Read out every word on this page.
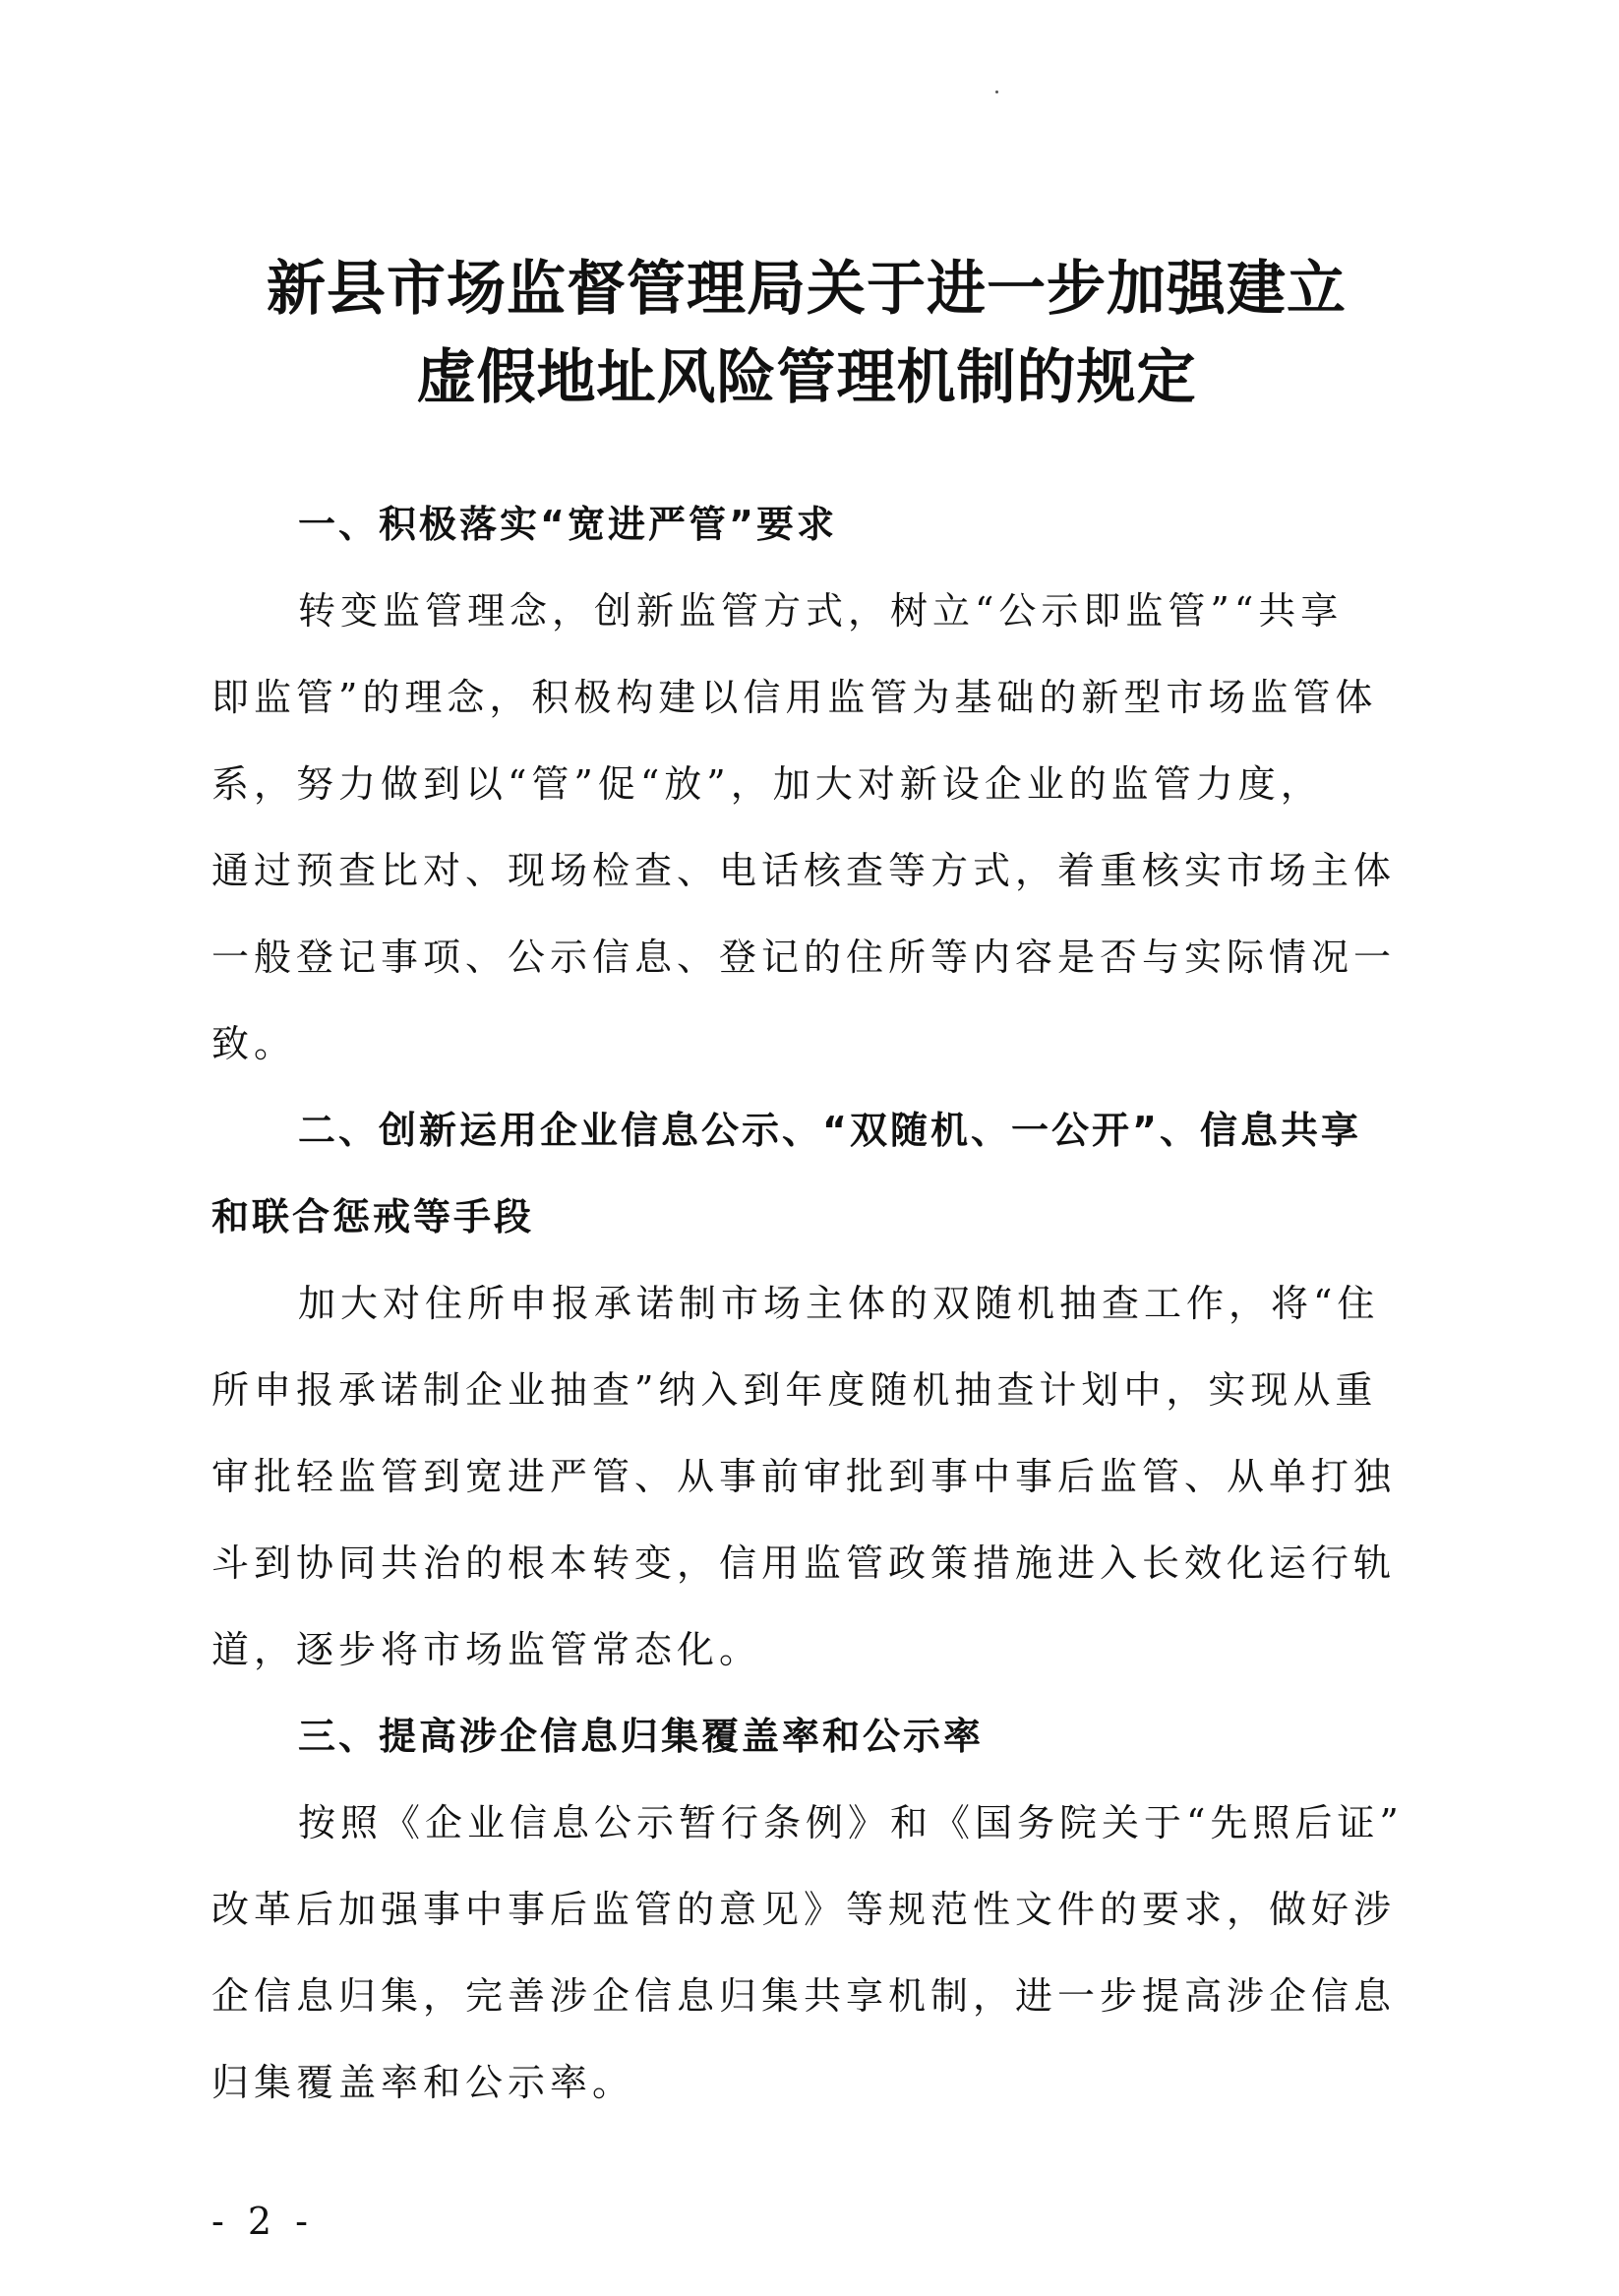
新县市场监督管理局关于进一步加强建立
虚假地址风险管理机制的规定
一、积极落实“宽进严管”要求
转变监管理念，创新监管方式，树立“公示即监管”“共享
即监管”的理念，积极构建以信用监管为基础的新型市场监管体
系，努力做到以“管”促“放”，加大对新设企业的监管力度，
通过预查比对、现场检查、电话核查等方式，着重核实市场主体
一般登记事项、公示信息、登记的住所等内容是否与实际情况一
致。
二、创新运用企业信息公示、“双随机、一公开”、信息共享
和联合惩戒等手段
加大对住所申报承诺制市场主体的双随机抽查工作，将“住
所申报承诺制企业抽查”纳入到年度随机抽查计划中，实现从重
审批轻监管到宽进严管、从事前审批到事中事后监管、从单打独
斗到协同共治的根本转变，信用监管政策措施进入长效化运行轨
道，逐步将市场监管常态化。
三、提高涉企信息归集覆盖率和公示率
按照《企业信息公示暂行条例》和《国务院关于“先照后证”
改革后加强事中事后监管的意见》等规范性文件的要求，做好涉
企信息归集，完善涉企信息归集共享机制，进一步提高涉企信息
归集覆盖率和公示率。
- 2 -
